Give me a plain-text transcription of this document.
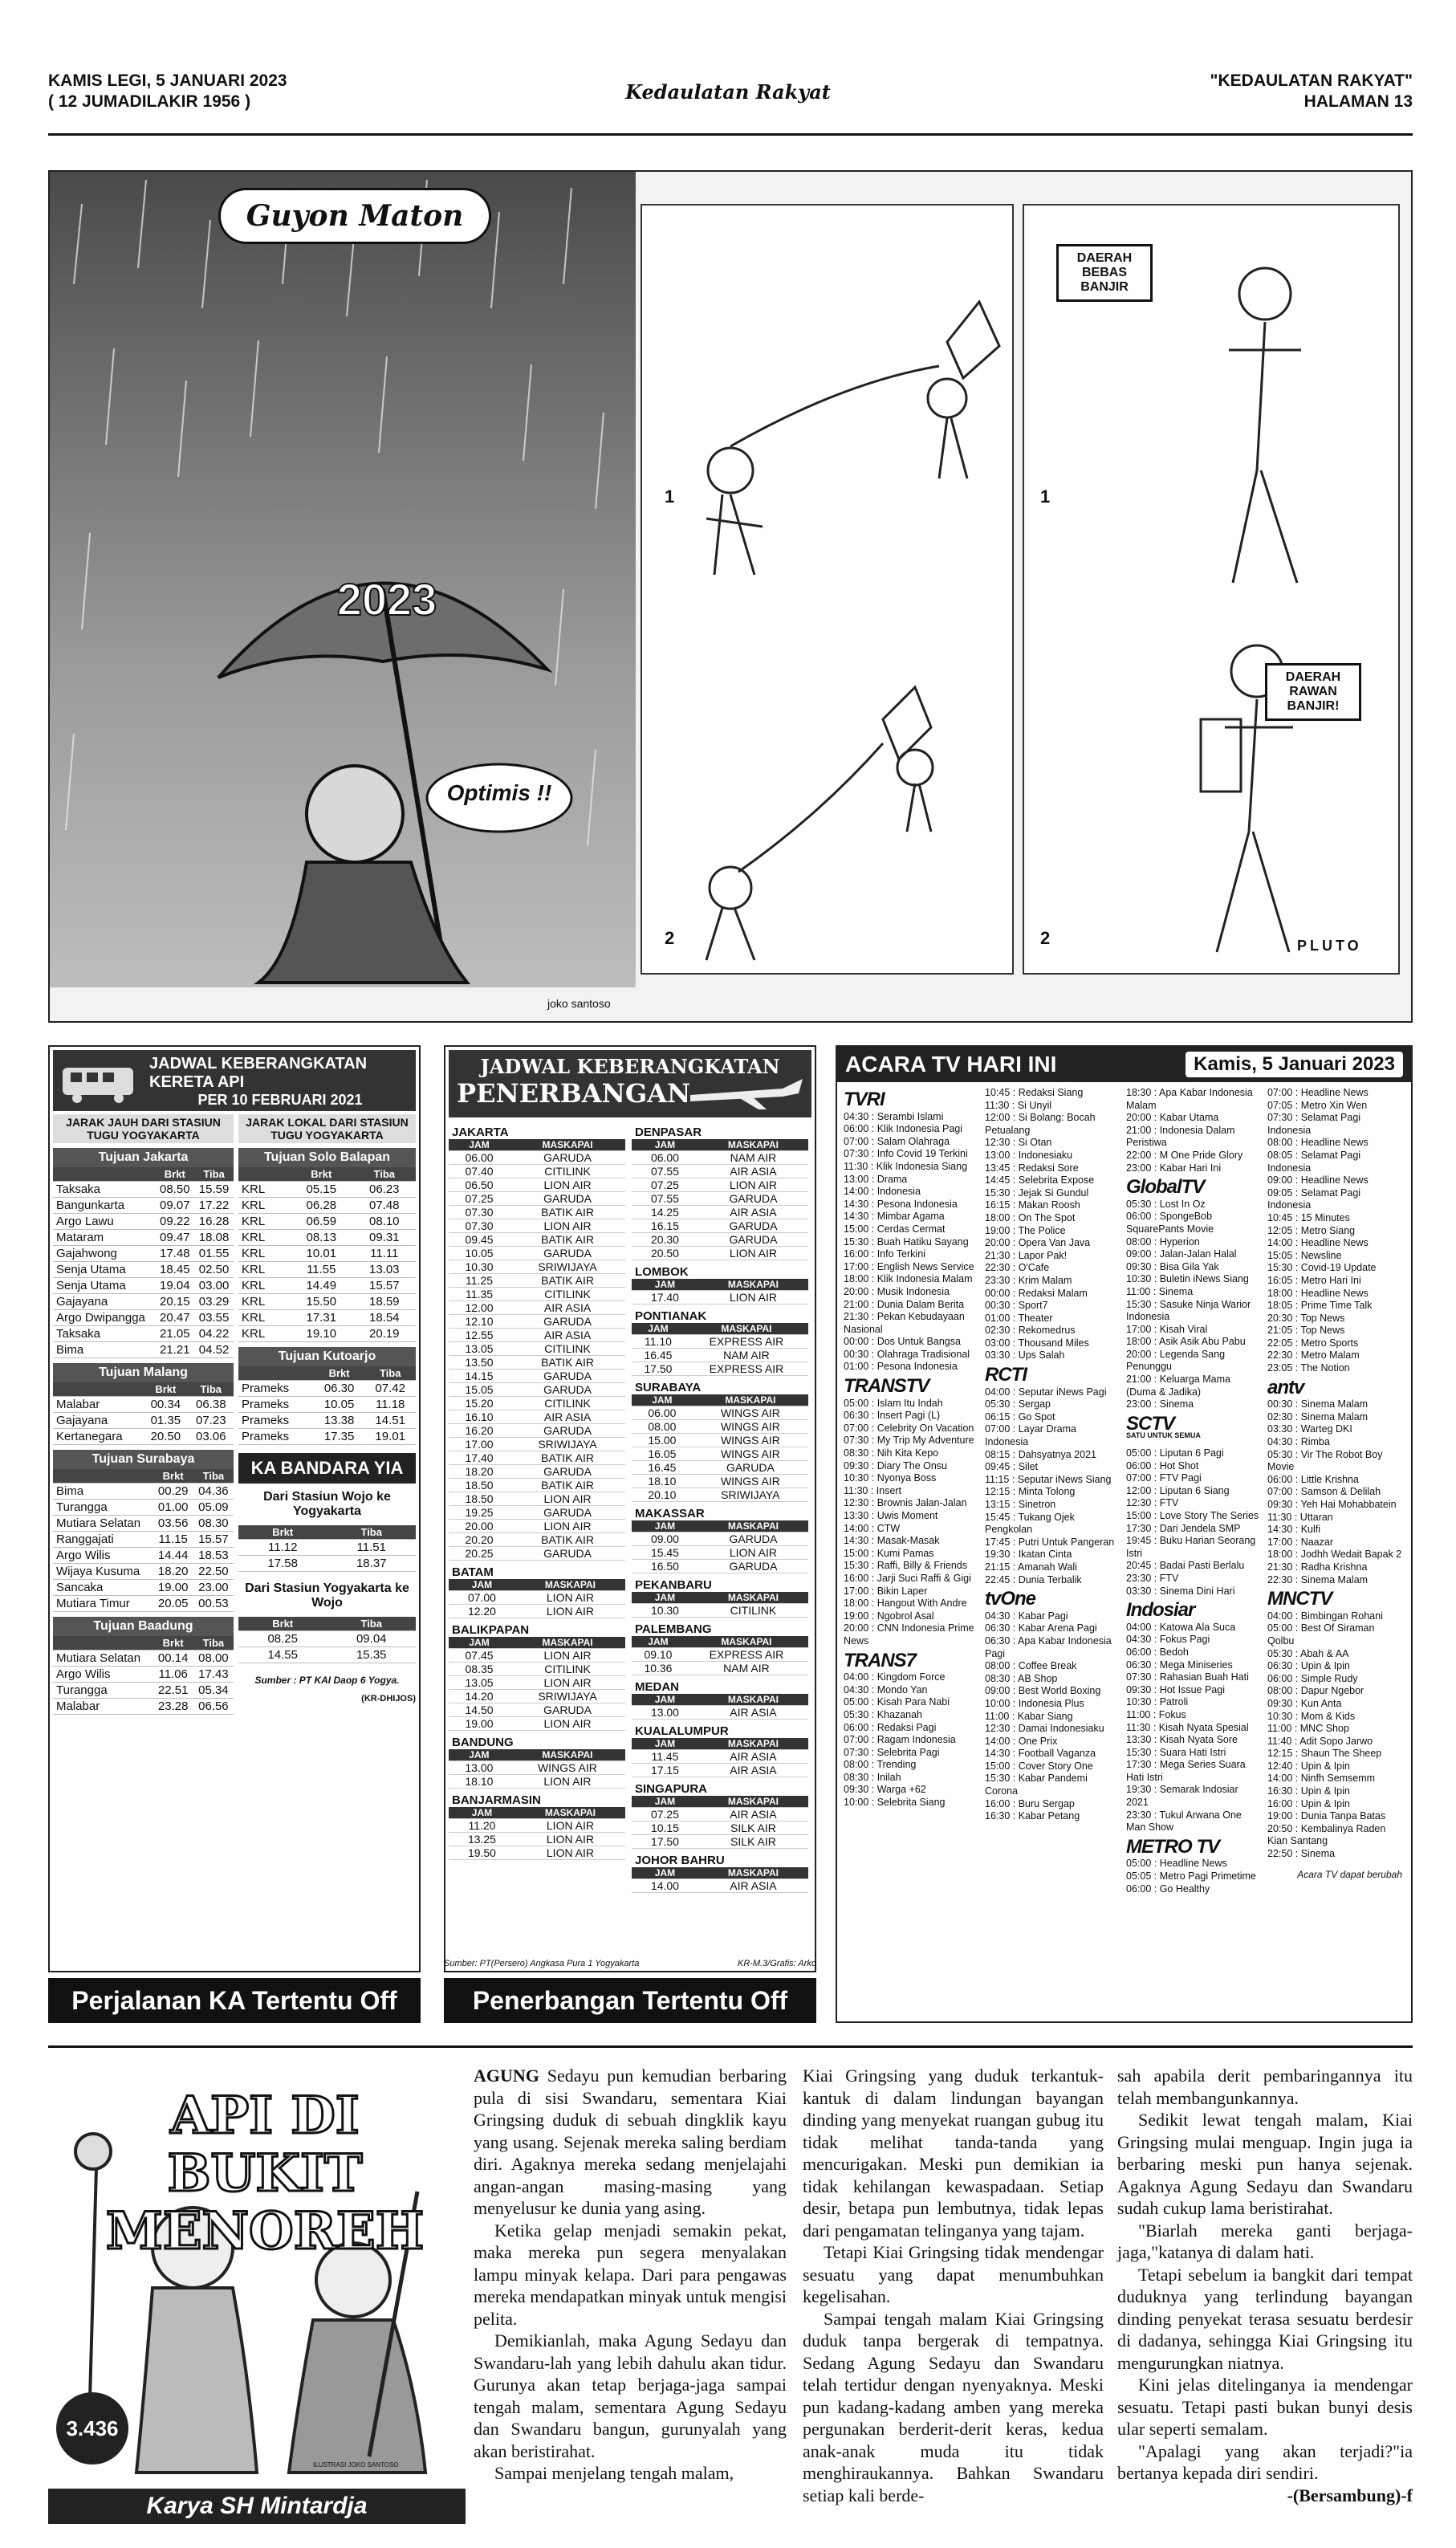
KAMIS LEGI, 5 JANUARI 2023
( 12 JUMADILAKIR 1956 )	Kedaulatan Rakyat	"KEDAULATAN RAKYAT"
HALAMAN 13
Guyon Maton
2023
Optimis !!
joko santoso
1
2
DAERAH BEBAS BANJIR
DAERAH RAWAN BANJIR!
1
2	PLUTO
JADWAL KEBERANGKATAN KERETA API
PER 10 FEBRUARI 2021
JARAK JAUH DARI STASIUN TUGU YOGYAKARTA
Tujuan Jakarta
	Brkt	Tiba
Taksaka	08.50	15.59
Bangunkarta	09.07	17.22
Argo Lawu	09.22	16.28
Mataram	09.47	18.08
Gajahwong	17.48	01.55
Senja Utama	18.45	02.50
Senja Utama	19.04	03.00
Gajayana	20.15	03.29
Argo Dwipangga	20.47	03.55
Taksaka	21.05	04.22
Bima	21.21	04.52
Tujuan Malang
	Brkt	Tiba
Malabar	00.34	06.38
Gajayana	01.35	07.23
Kertanegara	20.50	03.06
Tujuan Surabaya
	Brkt	Tiba
Bima	00.29	04.36
Turangga	01.00	05.09
Mutiara Selatan	03.56	08.30
Ranggajati	11.15	15.57
Argo Wilis	14.44	18.53
Wijaya Kusuma	18.20	22.50
Sancaka	19.00	23.00
Mutiara Timur	20.05	00.53
Tujuan Baadung
	Brkt	Tiba
Mutiara Selatan	00.14	08.00
Argo Wilis	11.06	17.43
Turangga	22.51	05.34
Malabar	23.28	06.56
JARAK LOKAL DARI STASIUN TUGU YOGYAKARTA
Tujuan Solo Balapan
	Brkt	Tiba
KRL	05.15	06.23
KRL	06.28	07.48
KRL	06.59	08.10
KRL	08.13	09.31
KRL	10.01	11.11
KRL	11.55	13.03
KRL	14.49	15.57
KRL	15.50	18.59
KRL	17.31	18.54
KRL	19.10	20.19
Tujuan Kutoarjo
	Brkt	Tiba
Prameks	06.30	07.42
Prameks	10.05	11.18
Prameks	13.38	14.51
Prameks	17.35	19.01
KA BANDARA YIA
Dari Stasiun Wojo ke Yogyakarta
Brkt	Tiba
11.12	11.51
17.58	18.37
Dari Stasiun Yogyakarta ke Wojo
Brkt	Tiba
08.25	09.04
14.55	15.35
Sumber : PT KAI Daop 6 Yogya.
(KR-DHIJOS)
Perjalanan KA Tertentu Off
JADWAL KEBERANGKATAN
PENERBANGAN
JAKARTA
JAM	MASKAPAI
06.00	GARUDA
07.40	CITILINK
06.50	LION AIR
07.25	GARUDA
07.30	BATIK AIR
07.30	LION AIR
09.45	BATIK AIR
10.05	GARUDA
10.30	SRIWIJAYA
11.25	BATIK AIR
11.35	CITILINK
12.00	AIR ASIA
12.10	GARUDA
12.55	AIR ASIA
13.05	CITILINK
13.50	BATIK AIR
14.15	GARUDA
15.05	GARUDA
15.20	CITILINK
16.10	AIR ASIA
16.20	GARUDA
17.00	SRIWIJAYA
17.40	BATIK AIR
18.20	GARUDA
18.50	BATIK AIR
18.50	LION AIR
19.25	GARUDA
20.00	LION AIR
20.20	BATIK AIR
20.25	GARUDA
BATAM
JAM	MASKAPAI
07.00	LION AIR
12.20	LION AIR
BALIKPAPAN
JAM	MASKAPAI
07.45	LION AIR
08.35	CITILINK
13.05	LION AIR
14.20	SRIWIJAYA
14.50	GARUDA
19.00	LION AIR
BANDUNG
JAM	MASKAPAI
13.00	WINGS AIR
18.10	LION AIR
BANJARMASIN
JAM	MASKAPAI
11.20	LION AIR
13.25	LION AIR
19.50	LION AIR
DENPASAR
JAM	MASKAPAI
06.00	NAM AIR
07.55	AIR ASIA
07.25	LION AIR
07.55	GARUDA
14.25	AIR ASIA
16.15	GARUDA
20.30	GARUDA
20.50	LION AIR
LOMBOK
JAM	MASKAPAI
17.40	LION AIR
PONTIANAK
JAM	MASKAPAI
11.10	EXPRESS AIR
16.45	NAM AIR
17.50	EXPRESS AIR
SURABAYA
JAM	MASKAPAI
06.00	WINGS AIR
08.00	WINGS AIR
15.00	WINGS AIR
16.05	WINGS AIR
16.45	GARUDA
18.10	WINGS AIR
20.10	SRIWIJAYA
MAKASSAR
JAM	MASKAPAI
09.00	GARUDA
15.45	LION AIR
16.50	GARUDA
PEKANBARU
JAM	MASKAPAI
10.30	CITILINK
PALEMBANG
JAM	MASKAPAI
09.10	EXPRESS AIR
10.36	NAM AIR
MEDAN
JAM	MASKAPAI
13.00	AIR ASIA
KUALALUMPUR
JAM	MASKAPAI
11.45	AIR ASIA
17.15	AIR ASIA
SINGAPURA
JAM	MASKAPAI
07.25	AIR ASIA
10.15	SILK AIR
17.50	SILK AIR
JOHOR BAHRU
JAM	MASKAPAI
14.00	AIR ASIA
Sumber: PT(Persero) Angkasa Pura 1 Yogyakarta	KR-M.3/Grafis: Arko
Penerbangan Tertentu Off
ACARA TV HARI INI	Kamis, 5 Januari 2023
TVRI
04:30 : Serambi Islami
06:00 : Klik Indonesia Pagi
07:00 : Salam Olahraga
07:30 : Info Covid 19 Terkini
11:30 : Klik Indonesia Siang
13:00 : Drama
14:00 : Indonesia
14:30 : Pesona Indonesia
14:30 : Mimbar Agama
15:00 : Cerdas Cermat
15:30 : Buah Hatiku Sayang
16:00 : Info Terkini
17:00 : English News Service
18:00 : Klik Indonesia Malam
20:00 : Musik Indonesia
21:00 : Dunia Dalam Berita
21:30 : Pekan Kebudayaan Nasional
00:00 : Dos Untuk Bangsa
00:30 : Olahraga Tradisional
01:00 : Pesona Indonesia
TRANSTV
05:00 : Islam Itu Indah
06:30 : Insert Pagi (L)
07:00 : Celebrity On Vacation
07:30 : My Trip My Adventure
08:30 : Nih Kita Kepo
09:30 : Diary The Onsu
10:30 : Nyonya Boss
11:30 : Insert
12:30 : Brownis Jalan-Jalan
13:30 : Uwis Moment
14:00 : CTW
14:30 : Masak-Masak
15:00 : Kumi Pamas
15:30 : Raffi, Billy & Friends
16:00 : Jarji Suci Raffi & Gigi
17:00 : Bikin Laper
18:00 : Hangout With Andre
19:00 : Ngobrol Asal
20:00 : CNN Indonesia Prime News
TRANS7
04:00 : Kingdom Force
04:30 : Mondo Yan
05:00 : Kisah Para Nabi
05:30 : Khazanah
06:00 : Redaksi Pagi
07:00 : Ragam Indonesia
07:30 : Selebrita Pagi
08:00 : Trending
08:30 : Inilah
09:30 : Warga +62
10:00 : Selebrita Siang
10:45 : Redaksi Siang
11:30 : Si Unyil
12:00 : Si Bolang: Bocah Petualang
12:30 : Si Otan
13:00 : Indonesiaku
13:45 : Redaksi Sore
14:45 : Selebrita Expose
15:30 : Jejak Si Gundul
16:15 : Makan Roosh
18:00 : On The Spot
19:00 : The Police
20:00 : Opera Van Java
21:30 : Lapor Pak!
22:30 : O'Cafe
23:30 : Krim Malam
00:00 : Redaksi Malam
00:30 : Sport7
01:00 : Theater
02:30 : Rekomedrus
03:00 : Thousand Miles
03:30 : Ups Salah
RCTI
04:00 : Seputar iNews Pagi
05:30 : Sergap
06:15 : Go Spot
07:00 : Layar Drama Indonesia
08:15 : Dahsyatnya 2021
09:45 : Silet
11:15 : Seputar iNews Siang
12:15 : Minta Tolong
13:15 : Sinetron
15:45 : Tukang Ojek Pengkolan
17:45 : Putri Untuk Pangeran
19:30 : Ikatan Cinta
21:15 : Amanah Wali
22:45 : Dunia Terbalik
tvOne
04:30 : Kabar Pagi
06:30 : Kabar Arena Pagi
06:30 : Apa Kabar Indonesia Pagi
08:00 : Coffee Break
08:30 : AB Shop
09:00 : Best World Boxing
10:00 : Indonesia Plus
11:00 : Kabar Siang
12:30 : Damai Indonesiaku
14:00 : One Prix
14:30 : Football Vaganza
15:00 : Cover Story One
15:30 : Kabar Pandemi Corona
16:00 : Buru Sergap
16:30 : Kabar Petang
18:30 : Apa Kabar Indonesia Malam
20:00 : Kabar Utama
21:00 : Indonesia Dalam Peristiwa
22:00 : M One Pride Glory
23:00 : Kabar Hari Ini
GlobalTV
05:30 : Lost In Oz
06:00 : SpongeBob SquarePants Movie
08:00 : Hyperion
09:00 : Jalan-Jalan Halal
09:30 : Bisa Gila Yak
10:30 : Buletin iNews Siang
11:00 : Sinema
15:30 : Sasuke Ninja Warior Indonesia
17:00 : Kisah Viral
18:00 : Asik Asik Abu Pabu
20:00 : Legenda Sang Penunggu
21:00 : Keluarga Mama (Duma & Jadika)
23:00 : Sinema
SCTV
SATU UNTUK SEMUA
05:00 : Liputan 6 Pagi
06:00 : Hot Shot
07:00 : FTV Pagi
12:00 : Liputan 6 Siang
12:30 : FTV
15:00 : Love Story The Series
17:30 : Dari Jendela SMP
19:45 : Buku Harian Seorang Istri
20:45 : Badai Pasti Berlalu
23:30 : FTV
03:30 : Sinema Dini Hari
Indosiar
04:00 : Katowa Ala Suca
04:30 : Fokus Pagi
06:00 : Bedoh
06:30 : Mega Miniseries
07:30 : Rahasian Buah Hati
09:30 : Hot Issue Pagi
10:30 : Patroli
11:00 : Fokus
11:30 : Kisah Nyata Spesial
13:30 : Kisah Nyata Sore
15:30 : Suara Hati Istri
17:30 : Mega Series Suara Hati Istri
19:30 : Semarak Indosiar 2021
23:30 : Tukul Arwana One Man Show
METRO TV
05:00 : Headline News
05:05 : Metro Pagi Primetime
06:00 : Go Healthy
07:00 : Headline News
07:05 : Metro Xin Wen
07:30 : Selamat Pagi Indonesia
08:00 : Headline News
08:05 : Selamat Pagi Indonesia
09:00 : Headline News
09:05 : Selamat Pagi Indonesia
10:45 : 15 Minutes
12:05 : Metro Siang
14:00 : Headline News
15:05 : Newsline
15:30 : Covid-19 Update
16:05 : Metro Hari Ini
18:00 : Headline News
18:05 : Prime Time Talk
20:30 : Top News
21:05 : Top News
22:05 : Metro Sports
22:30 : Metro Malam
23:05 : The Notion
antv
00:30 : Sinema Malam
02:30 : Sinema Malam
03:30 : Warteg DKI
04:30 : Rimba
05:30 : Vir The Robot Boy Movie
06:00 : Little Krishna
07:00 : Samson & Delilah
09:30 : Yeh Hai Mohabbatein
11:30 : Uttaran
14:30 : Kulfi
17:00 : Naazar
18:00 : Jodhh Wedait Bapak 2
21:30 : Radha Krishna
22:30 : Sinema Malam
MNCTV
04:00 : Bimbingan Rohani
05:00 : Best Of Siraman Qolbu
05:30 : Abah & AA
06:30 : Upin & Ipin
06:00 : Simple Rudy
08:00 : Dapur Ngebor
09:30 : Kun Anta
10:30 : Mom & Kids
11:00 : MNC Shop
11:40 : Adit Sopo Jarwo
12:15 : Shaun The Sheep
12:40 : Upin & Ipin
14:00 : Ninfh Semsemm
16:30 : Upin & Ipin
16:00 : Upin & Ipin
19:00 : Dunia Tanpa Batas
20:50 : Kembalinya Raden Kian Santang
22:50 : Sinema
Acara TV dapat berubah
API DI BUKIT MENOREH
3.436
ILUSTRASI JOKO SANTOSO
Karya SH Mintardja

AGUNG Sedayu pun kemudian berbaring pula di sisi Swandaru, sementara Kiai Gringsing duduk di sebuah dingklik kayu yang usang. Sejenak mereka saling berdiam diri. Agaknya mereka sedang menjelajahi angan-angan masing-masing yang menyelusur ke dunia yang asing.

Ketika gelap menjadi semakin pekat, maka mereka pun segera menyalakan lampu minyak kelapa. Dari para pengawas mereka mendapatkan minyak untuk mengisi pelita.

Demikianlah, maka Agung Sedayu dan Swandaru-lah yang lebih dahulu akan tidur. Gurunya akan tetap berjaga-jaga sampai tengah malam, sementara Agung Sedayu dan Swandaru bangun, gurunyalah yang akan beristirahat.

Sampai menjelang tengah malam,

Kiai Gringsing yang duduk terkantuk-kantuk di dalam lindungan bayangan dinding yang menyekat ruangan gubug itu tidak melihat tanda-tanda yang mencurigakan. Meski pun demikian ia tidak kehilangan kewaspadaan. Setiap desir, betapa pun lembutnya, tidak lepas dari pengamatan telinganya yang tajam.

Tetapi Kiai Gringsing tidak mendengar sesuatu yang dapat menumbuhkan kegelisahan.

Sampai tengah malam Kiai Gringsing duduk tanpa bergerak di tempatnya. Sedang Agung Sedayu dan Swandaru telah tertidur dengan nyenyaknya. Meski pun kadang-kadang amben yang mereka pergunakan berderit-derit keras, kedua anak-anak muda itu tidak menghiraukannya. Bahkan Swandaru setiap kali berde-

sah apabila derit pembaringannya itu telah membangunkannya.

Sedikit lewat tengah malam, Kiai Gringsing mulai menguap. Ingin juga ia berbaring meski pun hanya sejenak. Agaknya Agung Sedayu dan Swandaru sudah cukup lama beristirahat.

"Biarlah mereka ganti berjaga-jaga,"katanya di dalam hati.

Tetapi sebelum ia bangkit dari tempat duduknya yang terlindung bayangan dinding penyekat terasa sesuatu berdesir di dadanya, sehingga Kiai Gringsing itu mengurungkan niatnya.

Kini jelas ditelinganya ia mendengar sesuatu. Tetapi pasti bukan bunyi desis ular seperti semalam.

"Apalagi yang akan terjadi?"ia bertanya kepada diri sendiri.

-(Bersambung)-f
